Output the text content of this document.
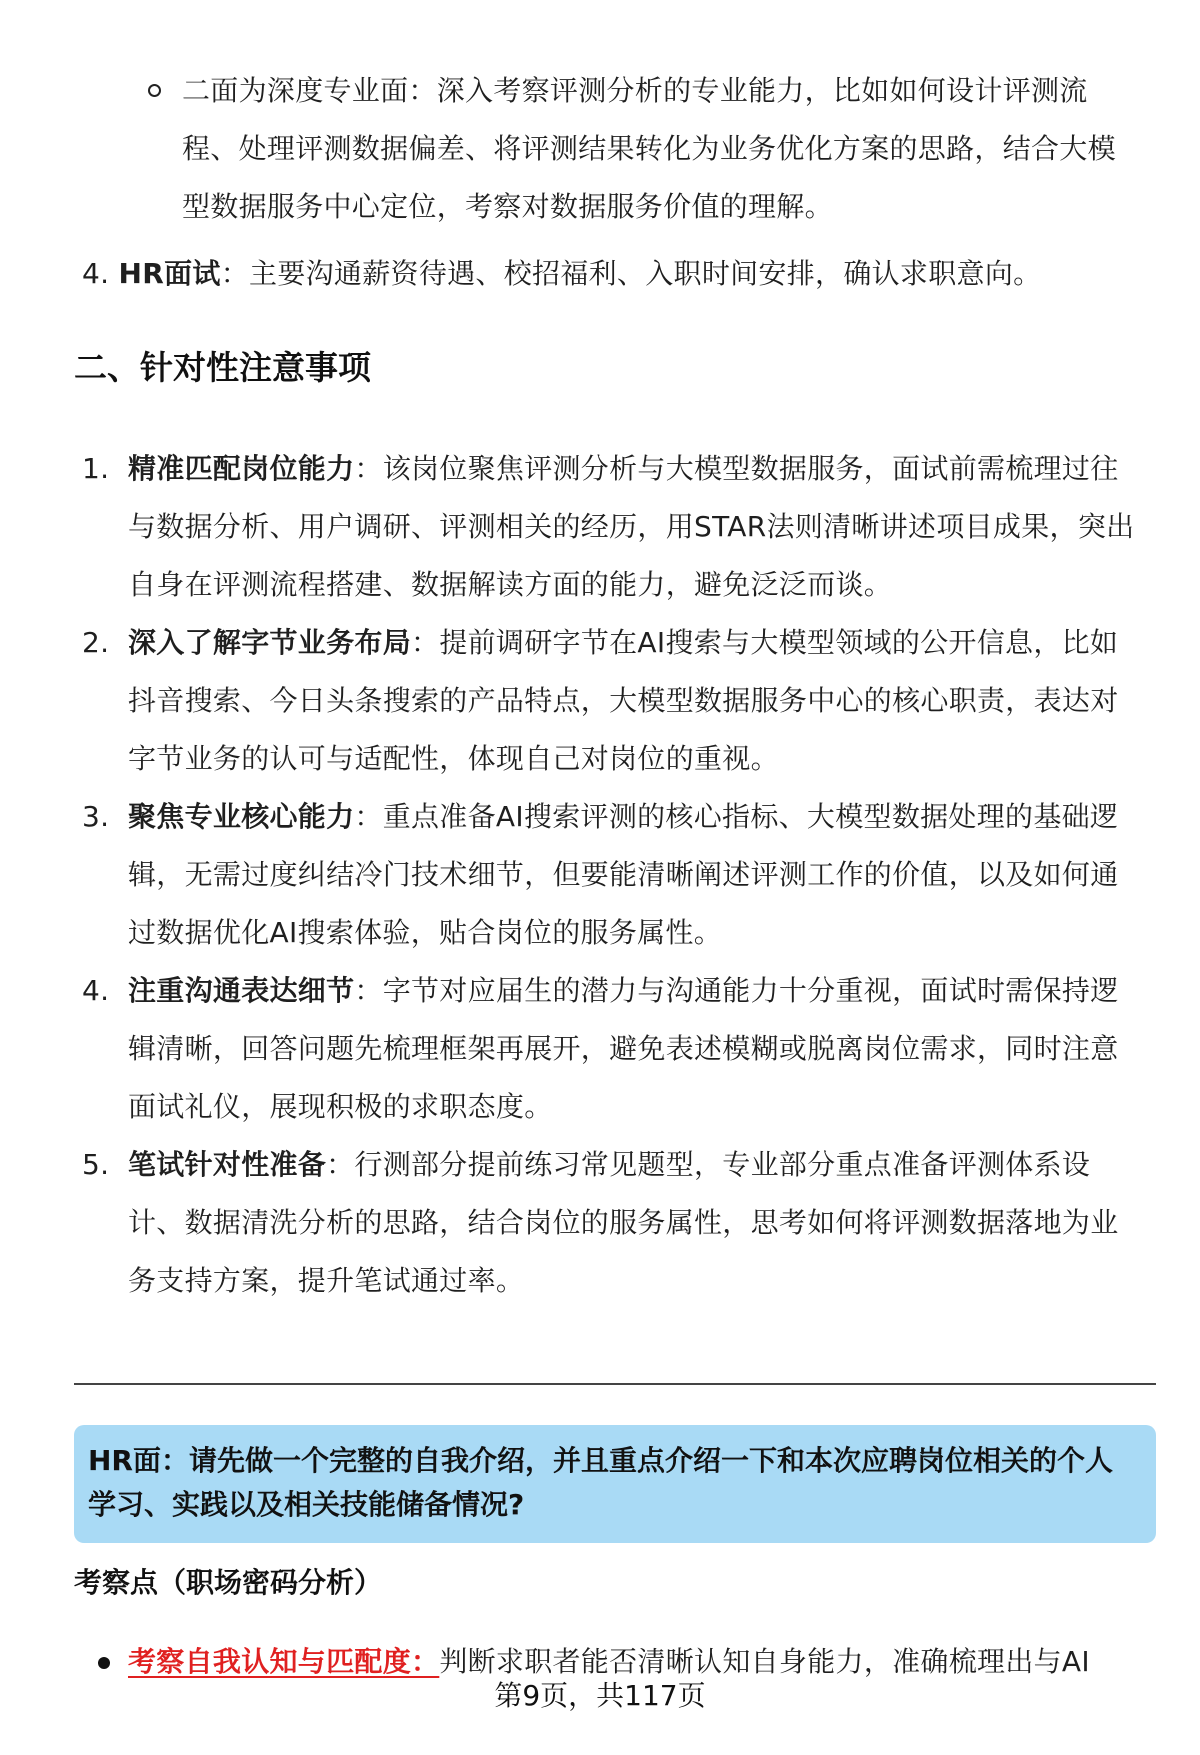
二面为深度专业面：深入考察评测分析的专业能力，比如如何设计评测流程、处理评测数据偏差、将评测结果转化为业务优化方案的思路，结合大模型数据服务中心定位，考察对数据服务价值的理解。
4. HR面试：主要沟通薪资待遇、校招福利、入职时间安排，确认求职意向。
二、针对性注意事项
1. 精准匹配岗位能力：该岗位聚焦评测分析与大模型数据服务，面试前需梳理过往与数据分析、用户调研、评测相关的经历，用STAR法则清晰讲述项目成果，突出自身在评测流程搭建、数据解读方面的能力，避免泛泛而谈。
2. 深入了解字节业务布局：提前调研字节在AI搜索与大模型领域的公开信息，比如抖音搜索、今日头条搜索的产品特点，大模型数据服务中心的核心职责，表达对字节业务的认可与适配性，体现自己对岗位的重视。
3. 聚焦专业核心能力：重点准备AI搜索评测的核心指标、大模型数据处理的基础逻辑，无需过度纠结冷门技术细节，但要能清晰阐述评测工作的价值，以及如何通过数据优化AI搜索体验，贴合岗位的服务属性。
4. 注重沟通表达细节：字节对应届生的潜力与沟通能力十分重视，面试时需保持逻辑清晰，回答问题先梳理框架再展开，避免表述模糊或脱离岗位需求，同时注意面试礼仪，展现积极的求职态度。
5. 笔试针对性准备：行测部分提前练习常见题型，专业部分重点准备评测体系设计、数据清洗分析的思路，结合岗位的服务属性，思考如何将评测数据落地为业务支持方案，提升笔试通过率。
HR面：请先做一个完整的自我介绍，并且重点介绍一下和本次应聘岗位相关的个人学习、实践以及相关技能储备情况?
考察点（职场密码分析）
考察自我认知与匹配度：判断求职者能否清晰认知自身能力，准确梳理出与AI
第9页，共117页
